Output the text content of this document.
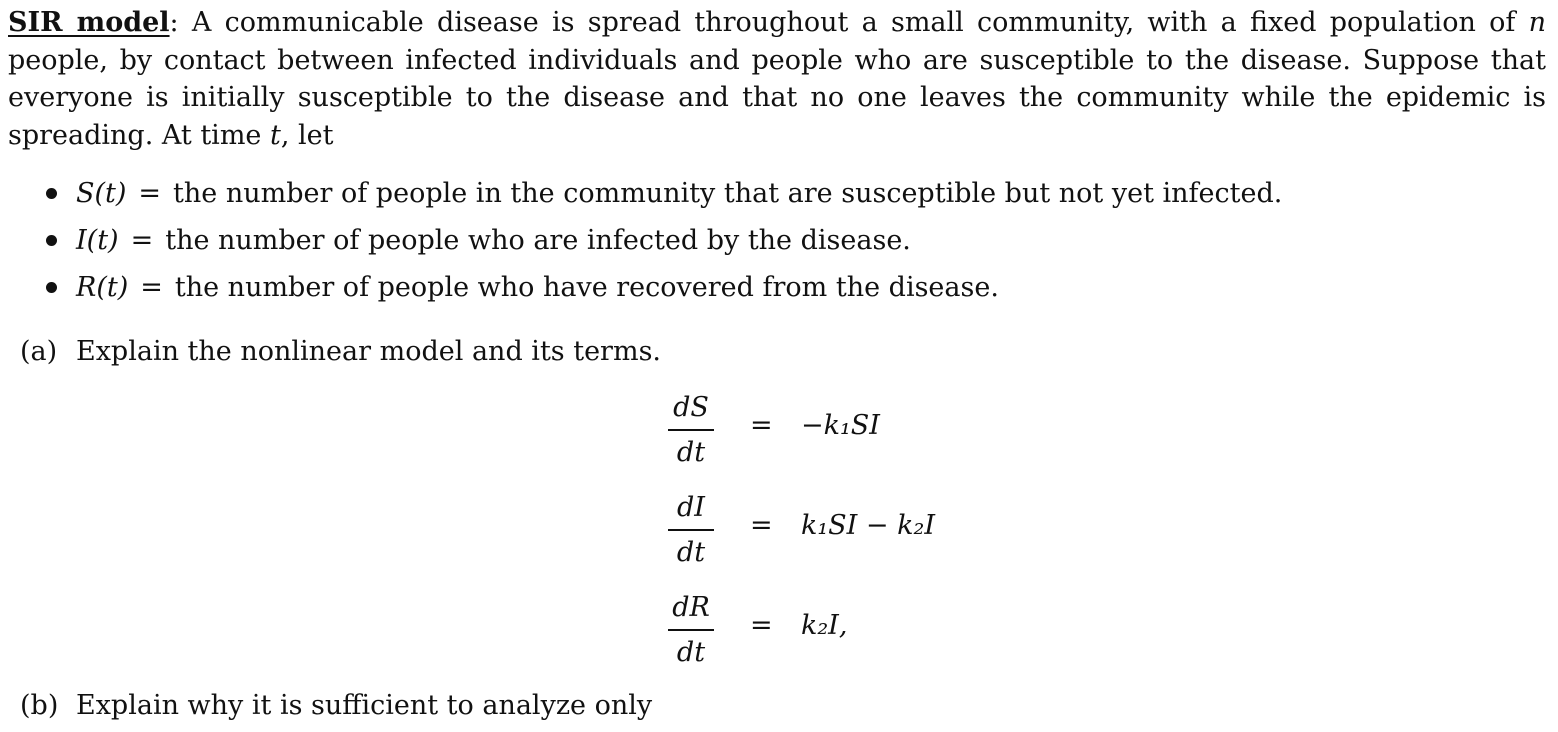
SIR model: A communicable disease is spread throughout a small community, with a fixed population of n people, by contact between infected individuals and people who are susceptible to the disease. Suppose that everyone is initially susceptible to the disease and that no one leaves the community while the epidemic is spreading. At time t, let

S(t) = the number of people in the community that are susceptible but not yet infected.
I(t) = the number of people who are infected by the disease.
R(t) = the number of people who have recovered from the disease.
(a) Explain the nonlinear model and its terms.
dS
dt
= −k₁SI
dI
dt
= k₁SI − k₂I
dR
dt
= k₂I,
(b) Explain why it is sufficient to analyze only
